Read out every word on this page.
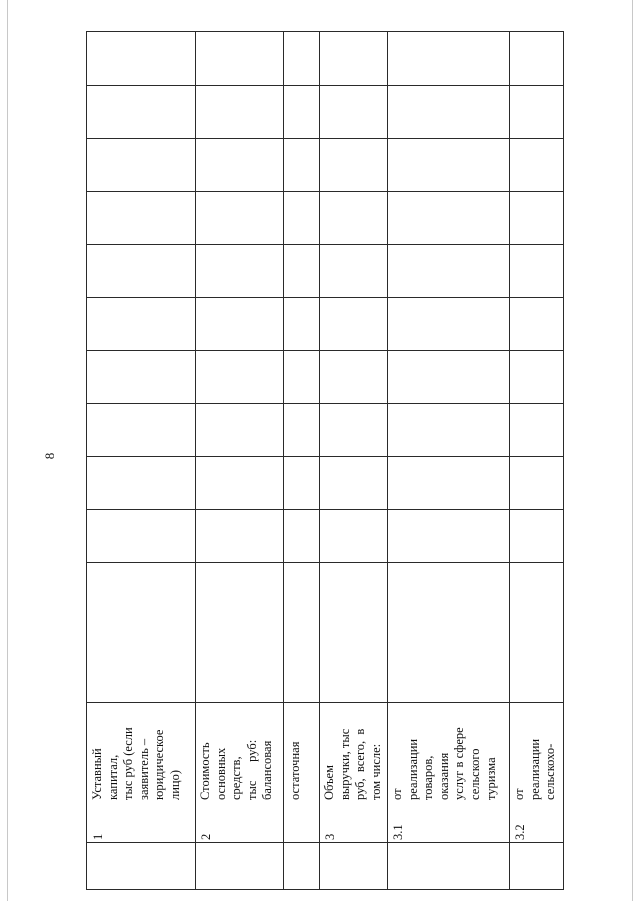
8
1
Уставный капитал, тыс руб (если заявитель – юридическое лицо)
2
Стоимость основных средств, тыс      руб: балансовая остаточная
3
Объем выручки, тыс руб,  всего,  в том числе:
3.1
от реализации товаров, оказания услуг в сфере сельского туризма
3.2
от реализации сельскохо-
